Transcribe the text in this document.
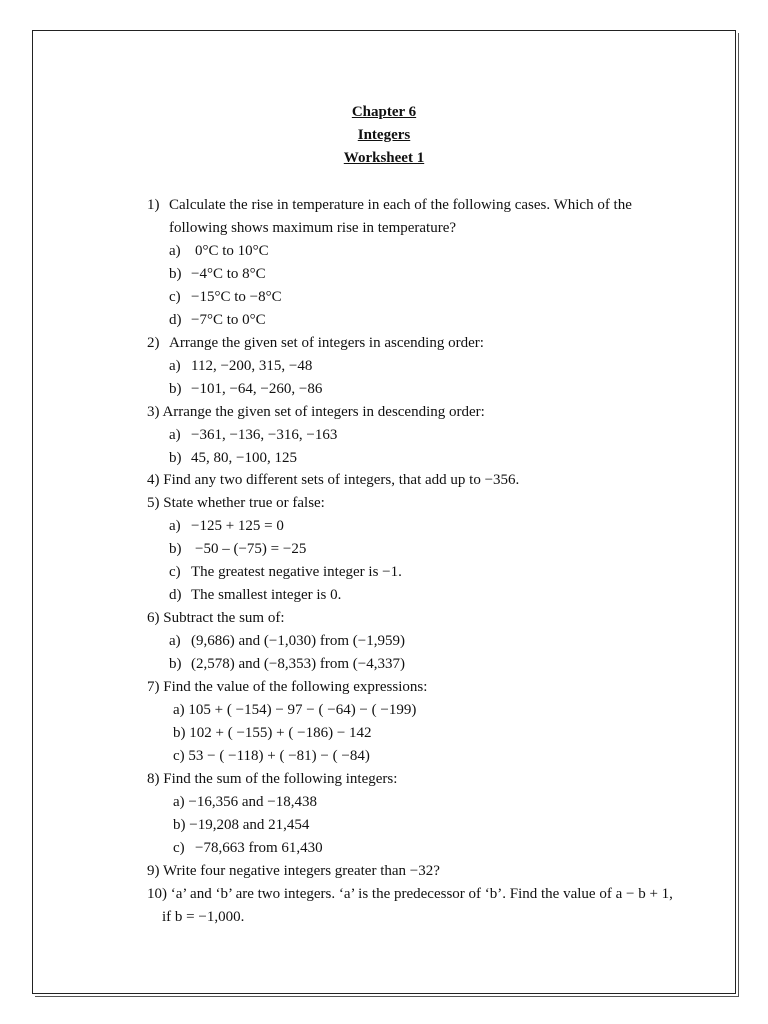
Chapter 6
Integers
Worksheet 1
1) Calculate the rise in temperature in each of the following cases. Which of the
following shows maximum rise in temperature?
a) 0°C to 10°C
b) −4°C to 8°C
c) −15°C to −8°C
d) −7°C to 0°C
2) Arrange the given set of integers in ascending order:
a) 112, −200, 315, −48
b) −101, −64, −260, −86
3) Arrange the given set of integers in descending order:
a) −361, −136, −316, −163
b) 45, 80, −100, 125
4) Find any two different sets of integers, that add up to −356.
5) State whether true or false:
a) −125 + 125 = 0
b) −50 – (−75) = −25
c) The greatest negative integer is −1.
d) The smallest integer is 0.
6) Subtract the sum of:
a) (9,686) and (−1,030) from (−1,959)
b) (2,578) and (−8,353) from (−4,337)
7) Find the value of the following expressions:
a) 105 + ( −154) − 97 − ( −64) − ( −199)
b) 102 + ( −155) + ( −186) − 142
c) 53 − ( −118) + ( −81) − ( −84)
8) Find the sum of the following integers:
a) −16,356 and −18,438
b) −19,208 and 21,454
c) −78,663 from 61,430
9) Write four negative integers greater than −32?
10) ‘a’ and ‘b’ are two integers. ‘a’ is the predecessor of ‘b’. Find the value of a − b + 1,
if b = −1,000.
